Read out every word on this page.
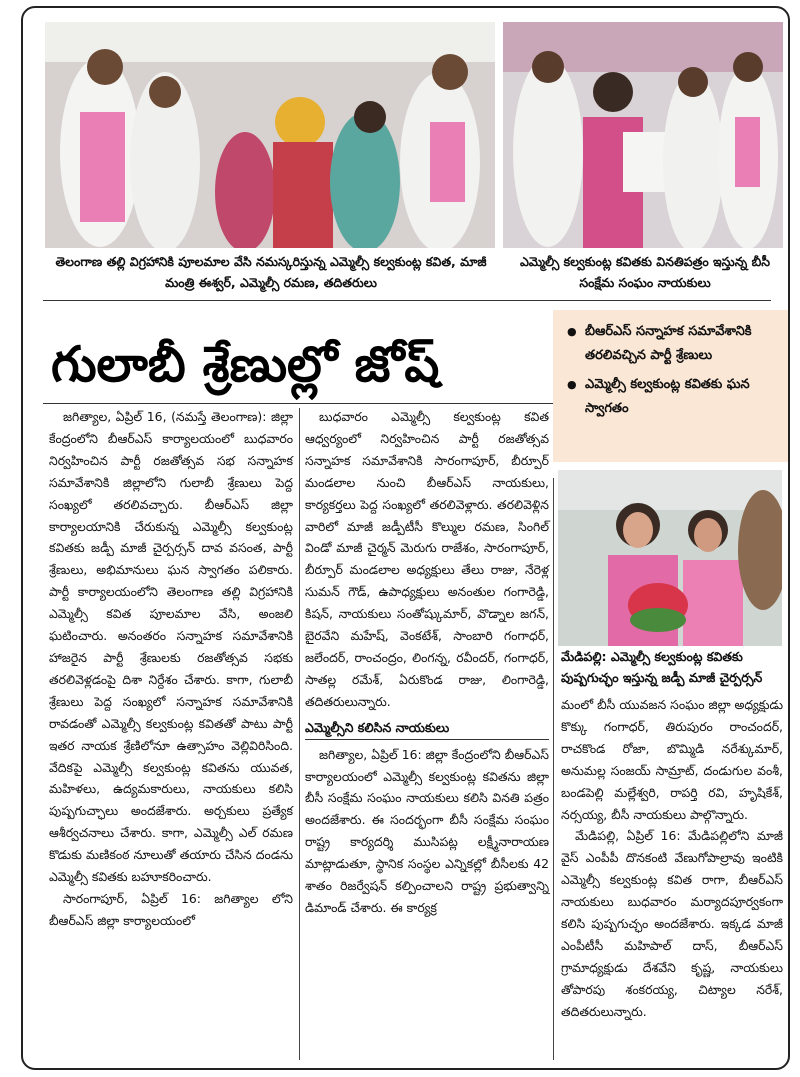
తెలంగాణ తల్లి విగ్రహానికి పూలమాల వేసి నమస్కరిస్తున్న ఎమ్మెల్సీ కల్వకుంట్ల కవిత, మాజీ మంత్రి ఈశ్వర్, ఎమ్మెల్సీ రమణ, తదితరులు
ఎమ్మెల్సీ కల్వకుంట్ల కవితకు వినతిపత్రం ఇస్తున్న బీసీ సంక్షేమ సంఘం నాయకులు
గులాబీ శ్రేణుల్లో జోష్
● బీఆర్ఎస్ సన్నాహక సమావేశానికి తరలివచ్చిన పార్టీ శ్రేణులు
● ఎమ్మెల్సీ కల్వకుంట్ల కవితకు ఘన స్వాగతం
మేడిపల్లి: ఎమ్మెల్సీ కల్వకుంట్ల కవితకు పుష్పగుచ్ఛం ఇస్తున్న జడ్పీ మాజీ చైర్పర్సన్

జగిత్యాల, ఏప్రిల్ 16, (నమస్తే తెలంగాణ): జిల్లా కేంద్రంలోని బీఆర్ఎస్ కార్యాలయంలో బుధవారం నిర్వహించిన పార్టీ రజతోత్సవ సభ సన్నాహక సమావేశానికి జిల్లాలోని గులాబీ శ్రేణులు పెద్ద సంఖ్యలో తరలివచ్చారు. బీఆర్ఎస్ జిల్లా కార్యాలయానికి చేరుకున్న ఎమ్మెల్సీ కల్వకుంట్ల కవితకు జడ్పీ మాజీ చైర్పర్సన్ దావ వసంత, పార్టీ శ్రేణులు, అభిమానులు ఘన స్వాగతం పలికారు. పార్టీ కార్యాలయంలోని తెలంగాణ తల్లి విగ్రహానికి ఎమ్మెల్సీ కవిత పూలమాల వేసి, అంజలి ఘటించారు. అనంతరం సన్నాహక సమావేశానికి హాజరైన పార్టీ శ్రేణులకు రజతోత్సవ సభకు తరలివెళ్లడంపై దిశా నిర్దేశం చేశారు. కాగా, గులాబీ శ్రేణులు పెద్ద సంఖ్యలో సన్నాహక సమావేశానికి రావడంతో ఎమ్మెల్సీ కల్వకుంట్ల కవితతో పాటు పార్టీ ఇతర నాయక శ్రేణిలోనూ ఉత్సాహం వెల్లివిరిసింది. వేదికపై ఎమ్మెల్సీ కల్వకుంట్ల కవితను యువత, మహిళలు, ఉద్యమకారులు, నాయకులు కలిసి పుష్పగుచ్ఛాలు అందజేశారు. అర్చకులు ప్రత్యేక ఆశీర్వచనాలు చేశారు. కాగా, ఎమ్మెల్సీ ఎల్ రమణ కొడుకు మణికంఠ నూలుతో తయారు చేసిన దండను ఎమ్మెల్సీ కవితకు బహూకరించారు.

సారంగాపూర్, ఏప్రిల్ 16: జగిత్యాల లోని బీఆర్ఎస్ జిల్లా కార్యాలయంలో

బుధవారం ఎమ్మెల్సీ కల్వకుంట్ల కవిత ఆధ్వర్యంలో నిర్వహించిన పార్టీ రజతోత్సవ సన్నాహక సమావేశానికి సారంగాపూర్, బీర్పూర్ మండలాల నుంచి బీఆర్ఎస్ నాయకులు, కార్యకర్తలు పెద్ద సంఖ్యలో తరలివెళ్లారు. తరలివెళ్లిన వారిలో మాజీ జడ్పీటీసీ కొల్ముల రమణ, సింగిల్ విండో మాజీ చైర్మన్ మెరుగు రాజేశం, సారంగాపూర్, బీర్పూర్ మండలాల అధ్యక్షులు తేలు రాజు, నేరెళ్ల సుమన్ గౌడ్, ఉపాధ్యక్షులు అనంతుల గంగారెడ్డి, కిషన్, నాయకులు సంతోష్కుమార్, వొడ్నాల జగన్, బైరవేని మహేష్, వెంకటేశ్, సాంబారి గంగాధర్, జలేందర్, రాంచంద్రం, లింగన్న, రవీందర్, గంగాధర్, సాతల్ల రమేశ్, ఏరుకొండ రాజు, లింగారెడ్డి, తదితరులున్నారు.

ఎమ్మెల్సీని కలిసిన నాయకులు

జగిత్యాల, ఏప్రిల్ 16: జిల్లా కేంద్రంలోని బీఆర్ఎస్ కార్యాలయంలో ఎమ్మెల్సీ కల్వకుంట్ల కవితను జిల్లా బీసీ సంక్షేమ సంఘం నాయకులు కలిసి వినతి పత్రం అందజేశారు. ఈ సందర్భంగా బీసీ సంక్షేమ సంఘం రాష్ట్ర కార్యదర్శి ముసిపట్ల లక్ష్మీనారాయణ మాట్లాడుతూ, స్థానిక సంస్థల ఎన్నికల్లో బీసీలకు 42 శాతం రిజర్వేషన్ కల్పించాలని రాష్ట్ర ప్రభుత్వాన్ని డిమాండ్ చేశారు. ఈ కార్యక్ర

మంలో బీసీ యువజన సంఘం జిల్లా అధ్యక్షుడు కొక్కు గంగాధర్, తిరుపురం రాంచందర్, రాచకొండ రోజా, బొమ్మిడి నరేశ్కుమార్, అనుమల్ల సంజయ్ సామ్రాట్, దండుగుల వంశీ, బండపెల్లి మల్లేశ్వరి, రాపర్తి రవి, హృషికేశ్, నర్సయ్య, బీసీ నాయకులు పాల్గొన్నారు.

మేడిపల్లి, ఏప్రిల్ 16: మేడిపల్లిలోని మాజీ వైస్ ఎంపీపీ దొనకంటి వేణుగోపాల్రావు ఇంటికి ఎమ్మెల్సీ కల్వకుంట్ల కవిత రాగా, బీఆర్ఎస్ నాయకులు బుధవారం మర్యాదపూర్వకంగా కలిసి పుష్పగుచ్ఛం అందజేశారు. ఇక్కడ మాజీ ఎంపీటీసీ మహిపాల్ దాస్, బీఆర్ఎస్ గ్రామాధ్యక్షుడు దేశవేని కృష్ణ, నాయకులు తోపారపు శంకరయ్య, చిట్యాల నరేశ్, తదితరులున్నారు.
